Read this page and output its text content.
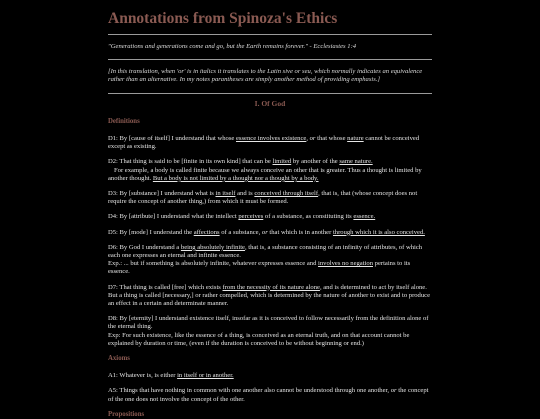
Annotations from Spinoza's Ethics
"Generations and generations come and go, but the Earth remains forever." - Ecclesiastes 1:4
[In this translation, when 'or' is in italics it translates to the Latin sive or seu, which normally indicates an equivalence rather than an alternative. In my notes parantheses are simply another method of providing emphasis.]
I. Of God
Definitions
D1: By [cause of itself] I understand that whose essence involves existence, or that whose nature cannot be conceived except as existing.
D2: That thing is said to be [finite in its own kind] that can be limited by another of the same nature.
For example, a body is called finite because we always conceive an other that is greater. Thus a thought is limited by another thought. But a body is not limited by a thought nor a thought by a body.
D3: By [substance] I understand what is in itself and is conceived through itself, that is, that (whose concept does not require the concept of another thing,) from which it must be formed.
D4: By [attribute] I understand what the intellect perceives of a substance, as constituting its essence.
D5: By [mode] I understand the affections of a substance, or that which is in another through which it is also conceived.
D6: By God I understand a being absolutely infinite, that is, a substance consisting of an infinity of attributes, of which each one expresses an eternal and infinite essence.
Exp.: ... but if something is absolutely infinite, whatever expresses essence and involves no negation pertains to its essence.
D7: That thing is called [free] which exists from the necessity of its nature alone, and is determined to act by itself alone. But a thing is called [necessary,] or rather compelled, which is determined by the nature of another to exist and to produce an effect in a certain and determinate manner.
D8: By [eternity] I understand existence itself, insofar as it is conceived to follow necessarily from the definition alone of the eternal thing.
Exp: For such existence, like the essence of a thing, is conceived as an eternal truth, and on that account cannot be explained by duration or time, (even if the duration is conceived to be without beginning or end.)
Axioms
A1: Whatever is, is either in itself or in another.
A5: Things that have nothing in common with one another also cannot be understood through one another, or the concept of the one does not involve the concept of the other.
Propositions
